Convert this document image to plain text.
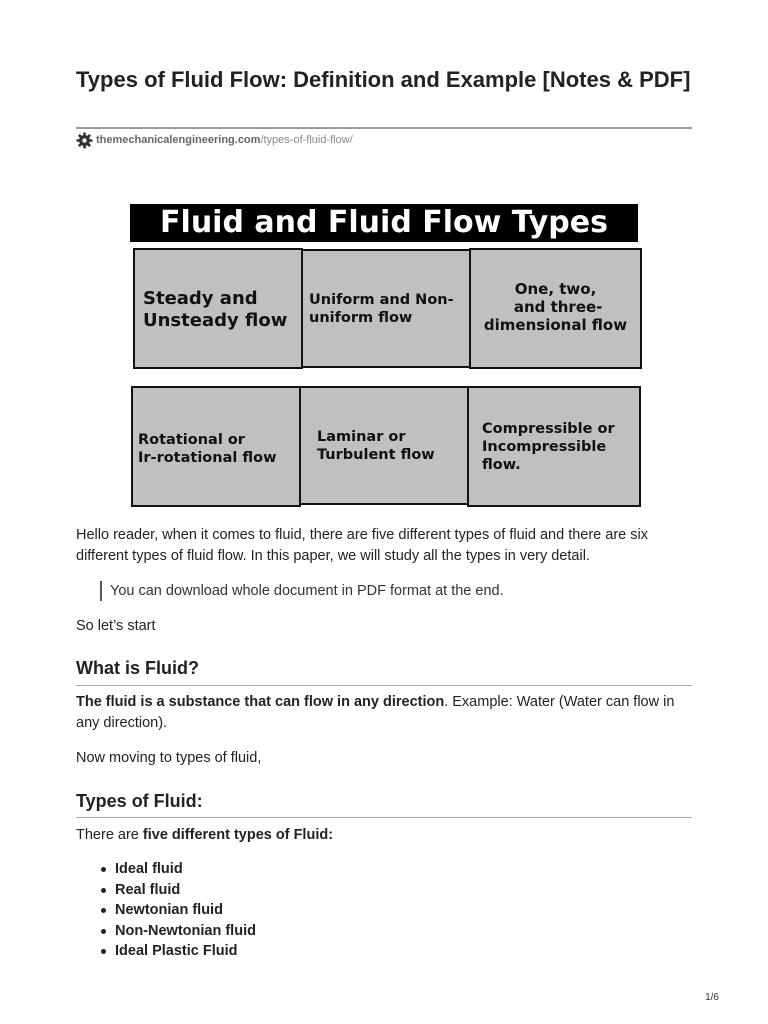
Types of Fluid Flow: Definition and Example [Notes & PDF]
themechanicalengineering.com /types-of-fluid-flow/
Fluid and Fluid Flow Types
Steady and
Unsteady flow
Uniform and Non-
uniform flow
One, two,
and three-
dimensional flow
Rotational or
Ir-rotational flow
Laminar or
Turbulent flow
Compressible or
Incompressible
flow.

Hello reader, when it comes to fluid, there are five different types of fluid and there are six different types of fluid flow. In this paper, we will study all the types in very detail.

You can download whole document in PDF format at the end.

So let’s start

What is Fluid?

The fluid is a substance that can flow in any direction. Example: Water (Water can flow in any direction).

Now moving to types of fluid,

Types of Fluid:

There are five different types of Fluid:

Ideal fluid
Real fluid
Newtonian fluid
Non-Newtonian fluid
Ideal Plastic Fluid
1/6
